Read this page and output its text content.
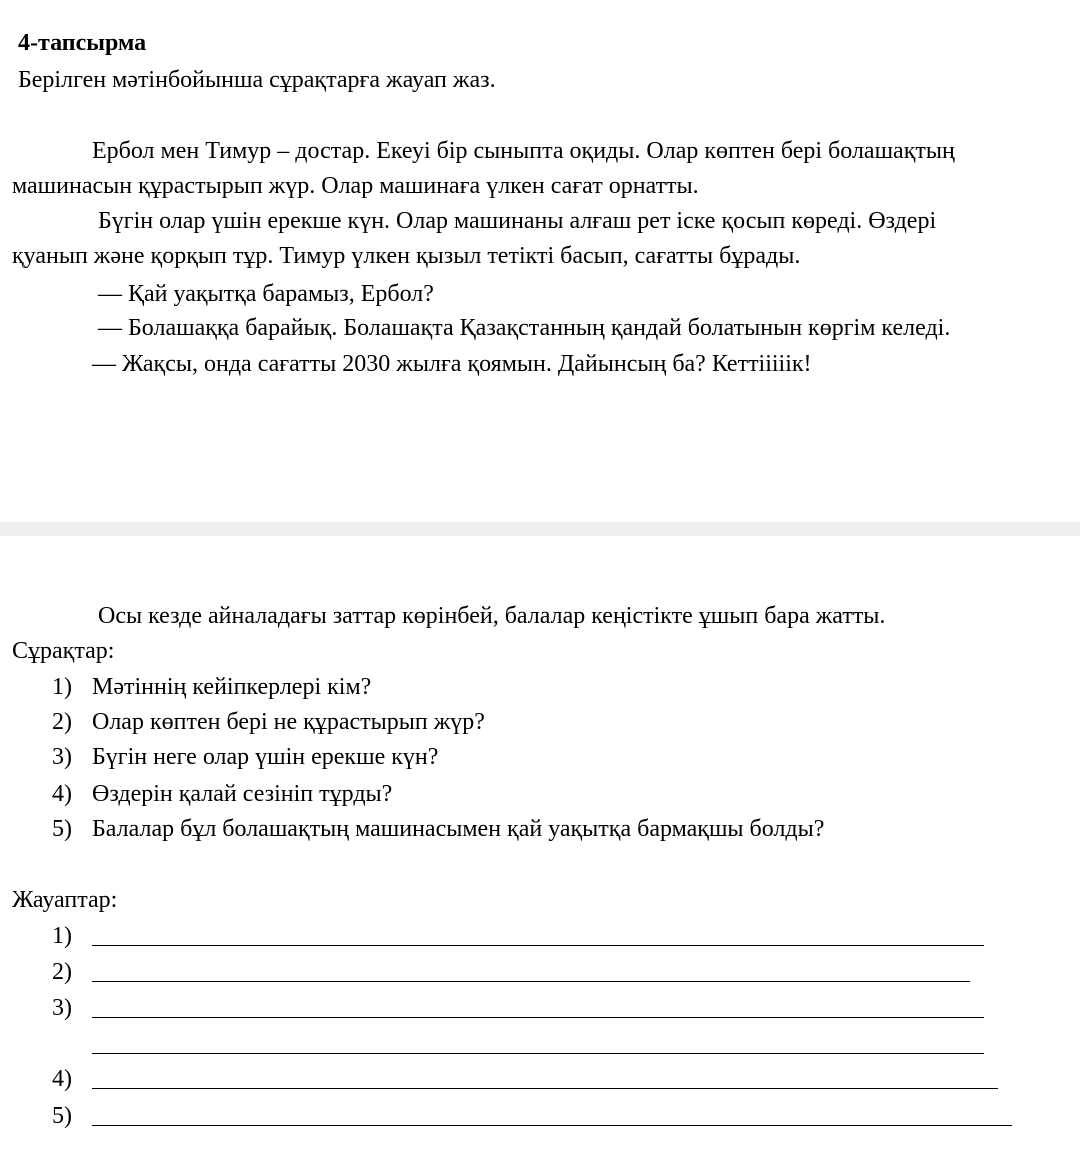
4-тапсырма
Берілген мәтінбойынша сұрақтарға жауап жаз.
Ербол мен Тимур – достар. Екеуі бір сыныпта оқиды. Олар көптен бері болашақтың
машинасын құрастырып жүр. Олар машинаға үлкен сағат орнатты.
Бүгін олар үшін ерекше күн. Олар машинаны алғаш рет іске қосып көреді. Өздері
қуанып және қорқып тұр. Тимур үлкен қызыл тетікті басып, сағатты бұрады.
— Қай уақытқа барамыз, Ербол?
— Болашаққа барайық. Болашақта Қазақстанның қандай болатынын көргім келеді.
— Жақсы, онда сағатты 2030 жылға қоямын. Дайынсың ба? Кеттііііік!
Осы кезде айналадағы заттар көрінбей, балалар кеңістікте ұшып бара жатты.
Сұрақтар:
1) Мәтіннің кейіпкерлері кім?
2) Олар көптен бері не құрастырып жүр?
3) Бүгін неге олар үшін ерекше күн?
4) Өздерін қалай сезініп тұрды?
5) Балалар бұл болашақтың машинасымен қай уақытқа бармақшы болды?
Жауаптар:
1)
2)
3)
4)
5)
